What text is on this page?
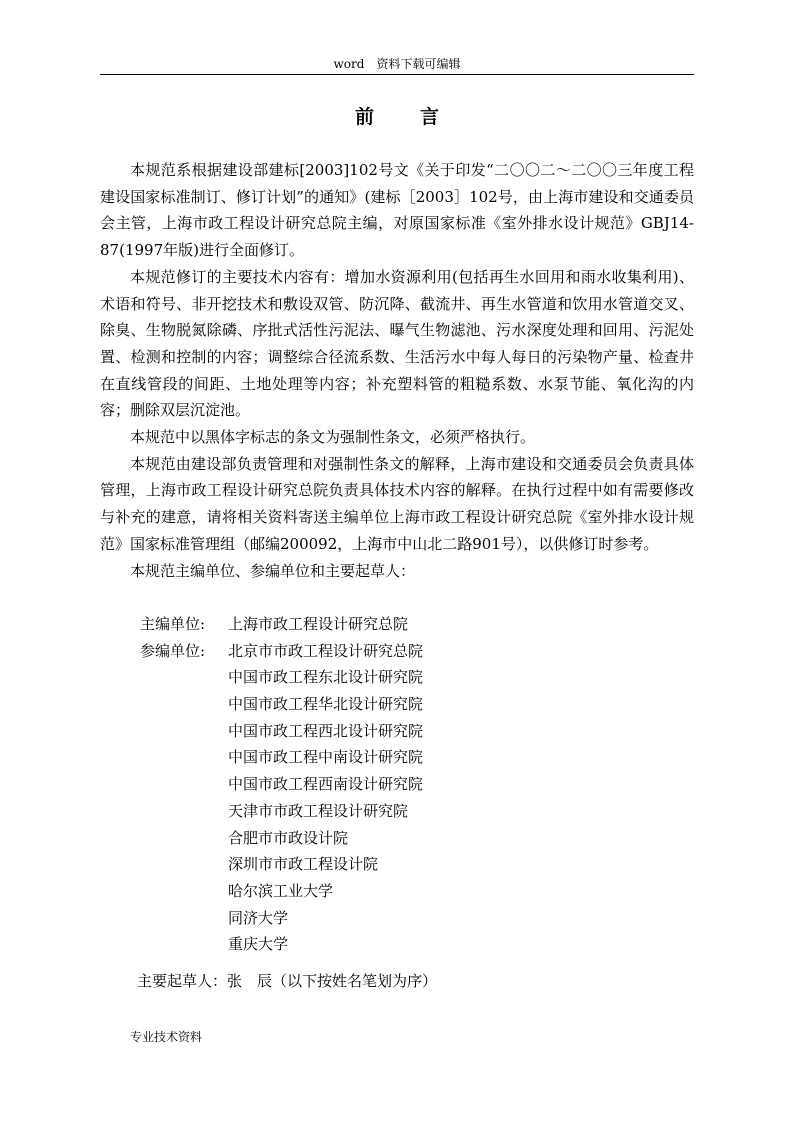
word　资料下载可编辑
前言

本规范系根据建设部建标[2003]102号文《关于印发“二〇〇二～二〇〇三年度工程建设国家标准制订、修订计划”的通知》(建标［2003］102号，由上海市建设和交通委员会主管，上海市政工程设计研究总院主编，对原国家标准《室外排水设计规范》GBJ14-87(1997年版)进行全面修订。

本规范修订的主要技术内容有：增加水资源利用(包括再生水回用和雨水收集利用)、术语和符号、非开挖技术和敷设双管、防沉降、截流井、再生水管道和饮用水管道交叉、除臭、生物脱氮除磷、序批式活性污泥法、曝气生物滤池、污水深度处理和回用、污泥处置、检测和控制的内容；调整综合径流系数、生活污水中每人每日的污染物产量、检查井在直线管段的间距、土地处理等内容；补充塑料管的粗糙系数、水泵节能、氧化沟的内容；删除双层沉淀池。

本规范中以黑体字标志的条文为强制性条文，必须严格执行。

本规范由建设部负责管理和对强制性条文的解释，上海市建设和交通委员会负责具体管理，上海市政工程设计研究总院负责具体技术内容的解释。在执行过程中如有需要修改与补充的建意，请将相关资料寄送主编单位上海市政工程设计研究总院《室外排水设计规范》国家标准管理组（邮编200092，上海市中山北二路901号），以供修订时参考。

本规范主编单位、参编单位和主要起草人：

主编单位:	上海市政工程设计研究总院
参编单位:	北京市市政工程设计研究总院
中国市政工程东北设计研究院
中国市政工程华北设计研究院
中国市政工程西北设计研究院
中国市政工程中南设计研究院
中国市政工程西南设计研究院
天津市市政工程设计研究院
合肥市市政设计院
深圳市市政工程设计院
哈尔滨工业大学
同济大学
重庆大学
主要起草人：张　辰（以下按姓名笔划为序）
专业技术资料
